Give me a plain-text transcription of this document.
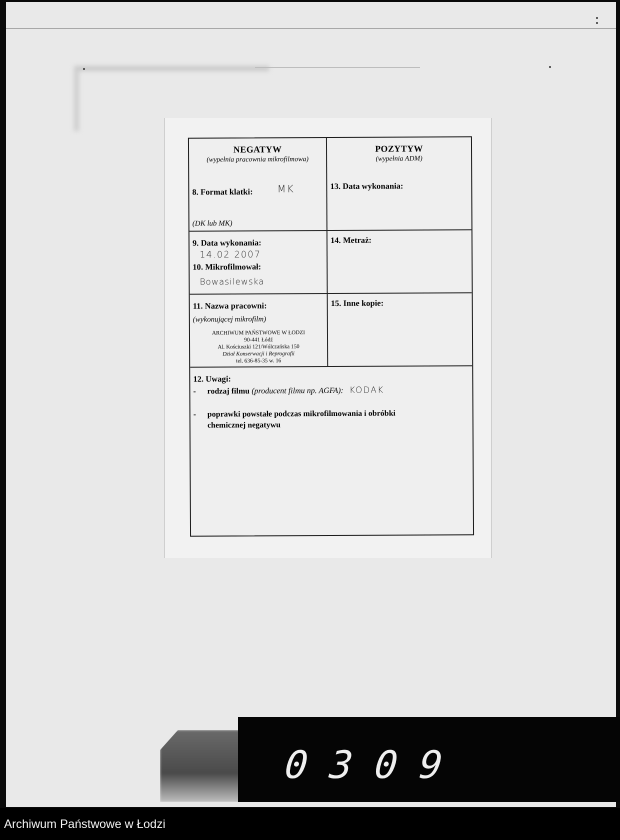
NEGATYW
(wypełnia pracownia mikrofilmowa)
8. Format klatki: MK
(DK lub MK)
POZYTYW
(wypełnia ADM)
13. Data wykonania:
9. Data wykonania:
14.02 2007
10. Mikrofilmował:
Bowasilewska
14. Metraż:
11. Nazwa pracowni:
(wykonującej mikrofilm)
ARCHIWUM PAŃSTWOWE W ŁODZI
90-441 Łódź
Al. Kościuszki 121/Wólczańska 150
Dział Konserwacji i Reprografii
tel. 636-85-35 w. 16
15. Inne kopie:
12. Uwagi:
- rodzaj filmu (producent filmu np. AGFA): KODAK
- poprawki powstałe podczas mikrofilmowania i obróbki
chemicznej negatywu
0 3 0 9
Archiwum Państwowe w Łodzi
